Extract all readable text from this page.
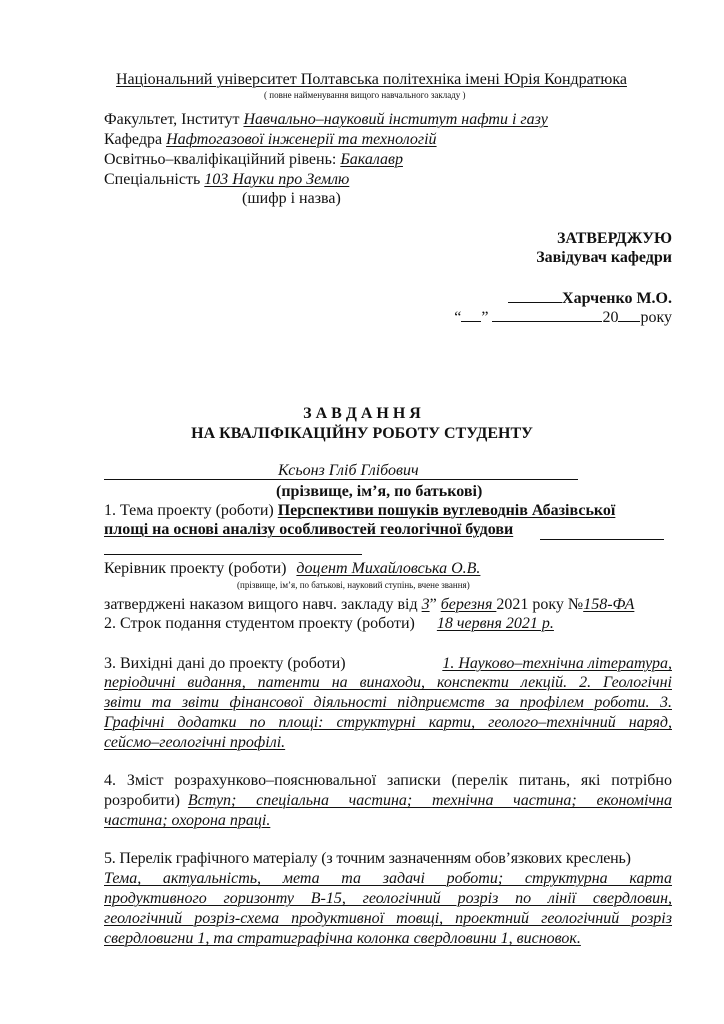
Національний університет Полтавська політехніка імені Юрія Кондратюка
( повне найменування вищого навчального закладу )
Факультет, Інститут Навчально–науковий інститут нафти і газу
Кафедра Нафтогазової інженерії та технологій
Освітньо–кваліфікаційний рівень: Бакалавр
Спеціальність 103 Науки про Землю
(шифр і назва)
ЗАТВЕРДЖУЮ
Завідувач кафедри
Харченко М.О.
“ ”	20 року
З А В Д А Н Н Я
НА КВАЛІФІКАЦІЙНУ РОБОТУ СТУДЕНТУ
Ксьонз Гліб Глібович
(прізвище, ім’я, по батькові)
1. Тема проекту (роботи) Перспективи пошуків вуглеводнів Абазівської
площі на основі аналізу особливостей геологічної будови
Керівник проекту (роботи) доцент Михайловська О.В.
(прізвище, ім’я, по батькові, науковий ступінь, вчене звання)
затверджені наказом вищого навч. закладу від 3” березня 2021 року №158-ФА
2. Строк подання студентом проекту (роботи) 18 червня 2021 р.
3. Вихідні дані до проекту (роботи)	1. Науково–технічна література,
періодичні видання, патенти на винаходи, конспекти лекцій. 2. Геологічні
звіти та звіти фінансової діяльності підприємств за профілем роботи. 3.
Графічні додатки по площі: структурні карти, геолого–технічний наряд,
сейсмо–геологічні профілі.
4. Зміст розрахунково–пояснювальної записки (перелік питань, які потрібно
розробити) Вступ; спеціальна частина; технічна частина; економічна
частина; охорона праці.
5. Перелік графічного матеріалу (з точним зазначенням обов’язкових креслень)
Тема, актуальність, мета та задачі роботи; структурна карта
продуктивного горизонту В-15, геологічний розріз по лінії свердловин,
геологічний розріз-схема продуктивної товщі, проектний геологічний розріз
свердловигни 1, та стратиграфічна колонка свердловини 1, висновок.
